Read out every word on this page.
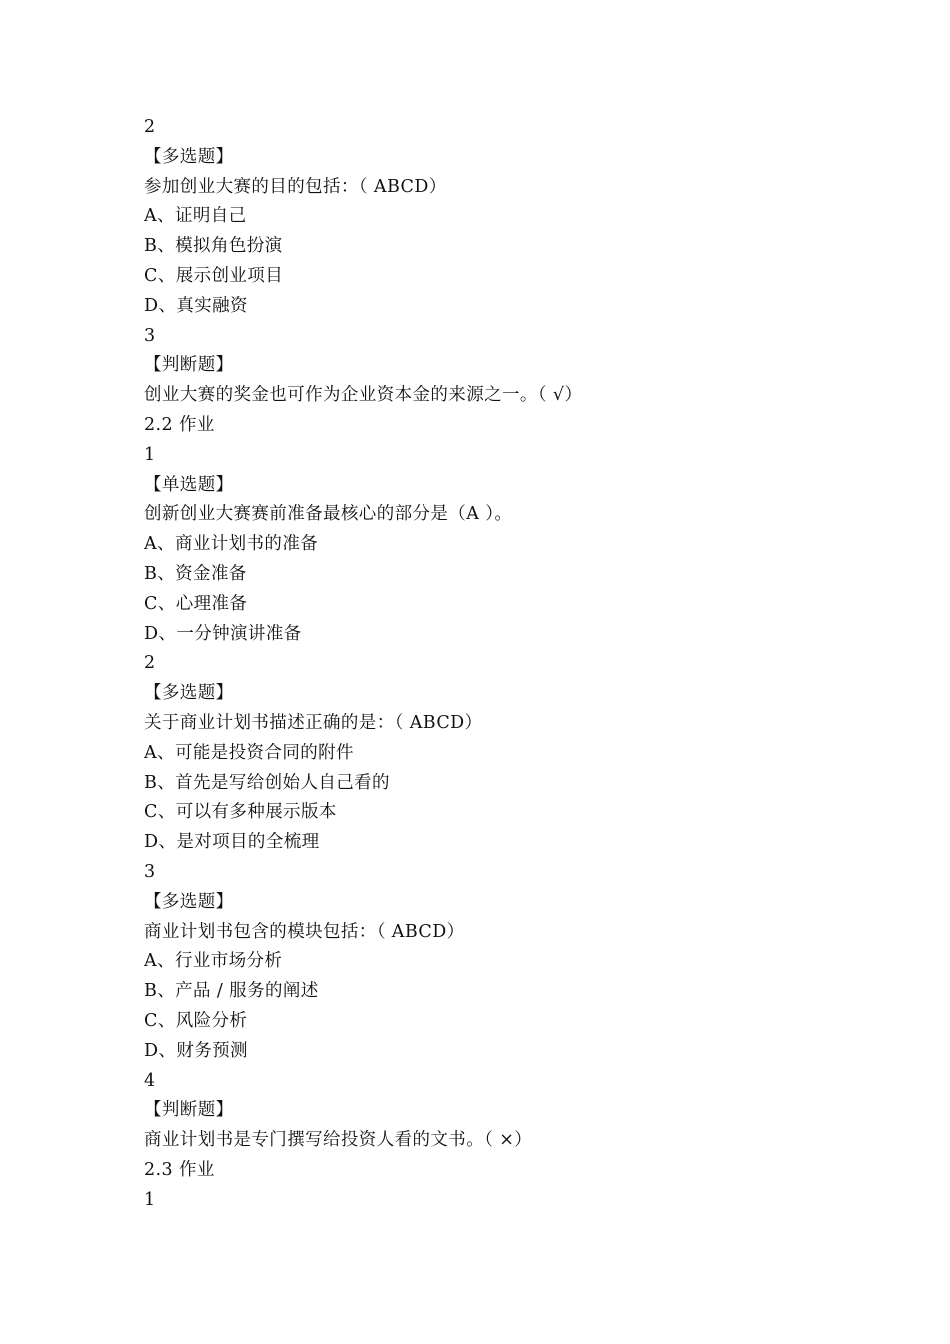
2
【多选题】
参加创业大赛的目的包括：（ ABCD）
A、证明自己
B、模拟角色扮演
C、展示创业项目
D、真实融资
3
【判断题】
创业大赛的奖金也可作为企业资本金的来源之一。（ √）
2.2 作业
1
【单选题】
创新创业大赛赛前准备最核心的部分是（A ）。
A、商业计划书的准备
B、资金准备
C、心理准备
D、一分钟演讲准备
2
【多选题】
关于商业计划书描述正确的是：（ ABCD）
A、可能是投资合同的附件
B、首先是写给创始人自己看的
C、可以有多种展示版本
D、是对项目的全梳理
3
【多选题】
商业计划书包含的模块包括：（ ABCD）
A、行业市场分析
B、产品 / 服务的阐述
C、风险分析
D、财务预测
4
【判断题】
商业计划书是专门撰写给投资人看的文书。（ ×）
2.3 作业
1
